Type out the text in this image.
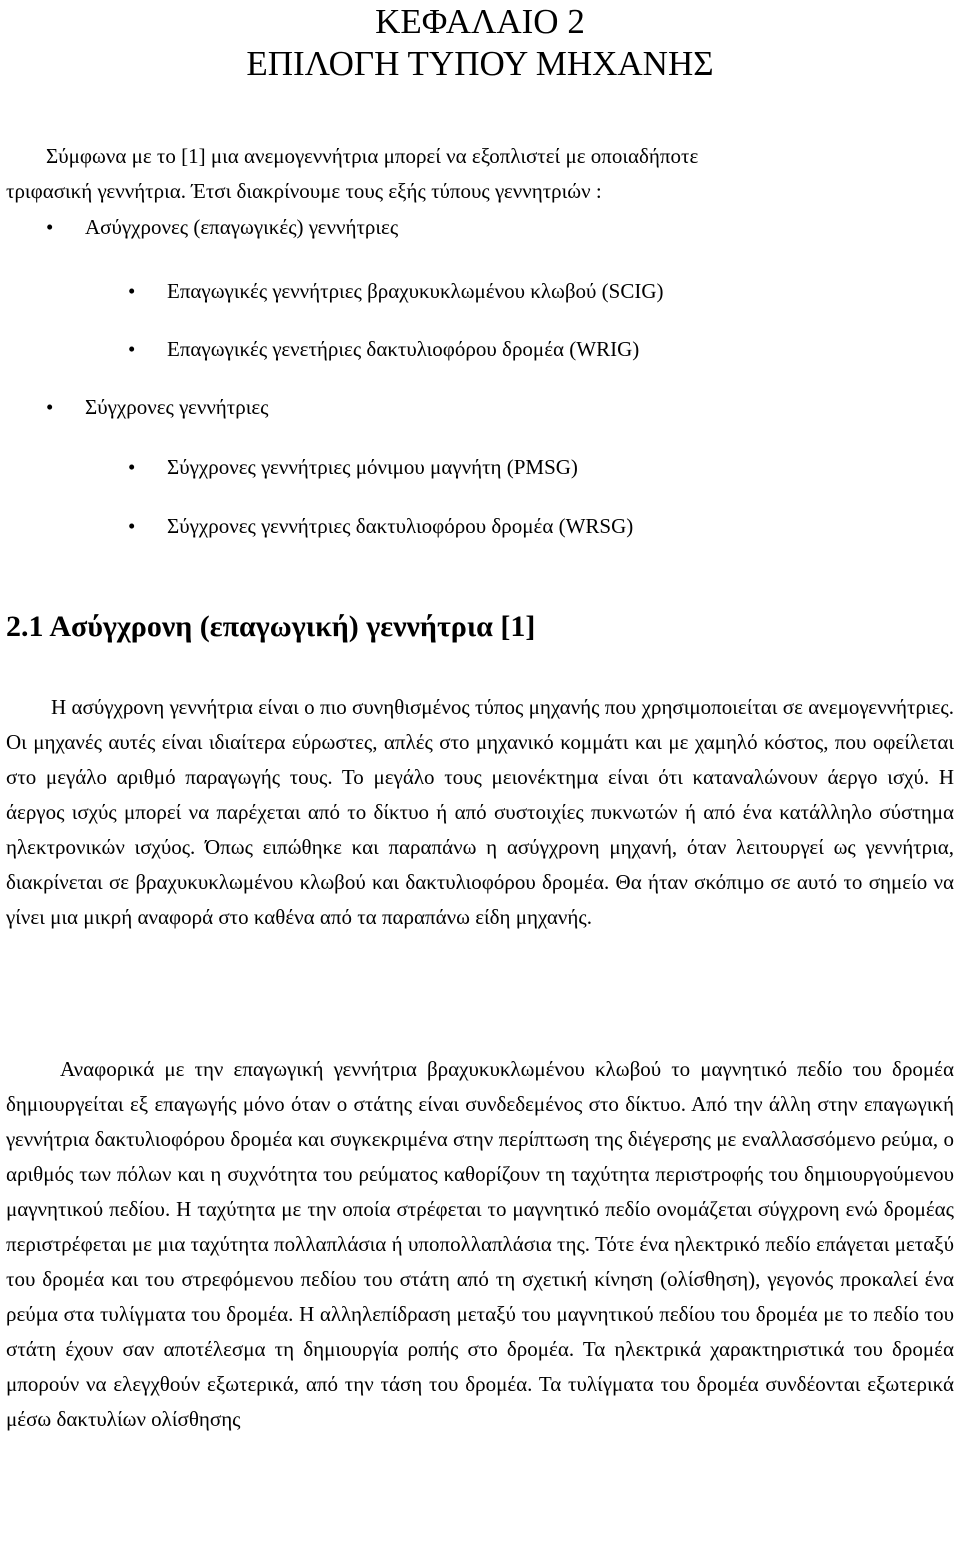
ΚΕΦΑΛΑΙΟ 2
ΕΠΙΛΟΓΗ ΤΥΠΟΥ ΜΗΧΑΝΗΣ

Σύμφωνα με το [1] μια ανεμογεννήτρια μπορεί να εξοπλιστεί με οποιαδήποτε

τριφασική γεννήτρια. Έτσι διακρίνουμε τους εξής τύπους γεννητριών :

• Ασύγχρονες (επαγωγικές) γεννήτριες
• Επαγωγικές γεννήτριες βραχυκυκλωμένου κλωβού (SCIG)
• Επαγωγικές γενετήριες δακτυλιοφόρου δρομέα (WRIG)
• Σύγχρονες γεννήτριες
• Σύγχρονες γεννήτριες μόνιμου μαγνήτη (PMSG)
• Σύγχρονες γεννήτριες δακτυλιοφόρου δρομέα (WRSG)
2.1 Ασύγχρονη (επαγωγική) γεννήτρια [1]

Η ασύγχρονη γεννήτρια είναι ο πιο συνηθισμένος τύπος μηχανής που χρησιμοποιείται σε ανεμογεννήτριες. Οι μηχανές αυτές είναι ιδιαίτερα εύρωστες, απλές στο μηχανικό κομμάτι και με χαμηλό κόστος, που οφείλεται στο μεγάλο αριθμό παραγωγής τους. Το μεγάλο τους μειονέκτημα είναι ότι καταναλώνουν άεργο ισχύ. Η άεργος ισχύς μπορεί να παρέχεται από το δίκτυο ή από συστοιχίες πυκνωτών ή από ένα κατάλληλο σύστημα ηλεκτρονικών ισχύος. Όπως ειπώθηκε και παραπάνω η ασύγχρονη μηχανή, όταν λειτουργεί ως γεννήτρια, διακρίνεται σε βραχυκυκλωμένου κλωβού και δακτυλιοφόρου δρομέα. Θα ήταν σκόπιμο σε αυτό το σημείο να γίνει μια μικρή αναφορά στο καθένα από τα παραπάνω είδη μηχανής.

Αναφορικά με την επαγωγική γεννήτρια βραχυκυκλωμένου κλωβού το μαγνητικό πεδίο του δρομέα δημιουργείται εξ επαγωγής μόνο όταν ο στάτης είναι συνδεδεμένος στο δίκτυο. Από την άλλη στην επαγωγική γεννήτρια δακτυλιοφόρου δρομέα και συγκεκριμένα στην περίπτωση της διέγερσης με εναλλασσόμενο ρεύμα, ο αριθμός των πόλων και η συχνότητα του ρεύματος καθορίζουν τη ταχύτητα περιστροφής του δημιουργούμενου μαγνητικού πεδίου. Η ταχύτητα με την οποία στρέφεται το μαγνητικό πεδίο ονομάζεται σύγχρονη ενώ δρομέας περιστρέφεται με μια ταχύτητα πολλαπλάσια ή υποπολλαπλάσια της. Τότε ένα ηλεκτρικό πεδίο επάγεται μεταξύ του δρομέα και του στρεφόμενου πεδίου του στάτη από τη σχετική κίνηση (ολίσθηση), γεγονός προκαλεί ένα ρεύμα στα τυλίγματα του δρομέα. Η αλληλεπίδραση μεταξύ του μαγνητικού πεδίου του δρομέα με το πεδίο του στάτη έχουν σαν αποτέλεσμα τη δημιουργία ροπής στο δρομέα. Τα ηλεκτρικά χαρακτηριστικά του δρομέα μπορούν να ελεγχθούν εξωτερικά, από την τάση του δρομέα. Τα τυλίγματα του δρομέα συνδέονται εξωτερικά μέσω δακτυλίων ολίσθησης
